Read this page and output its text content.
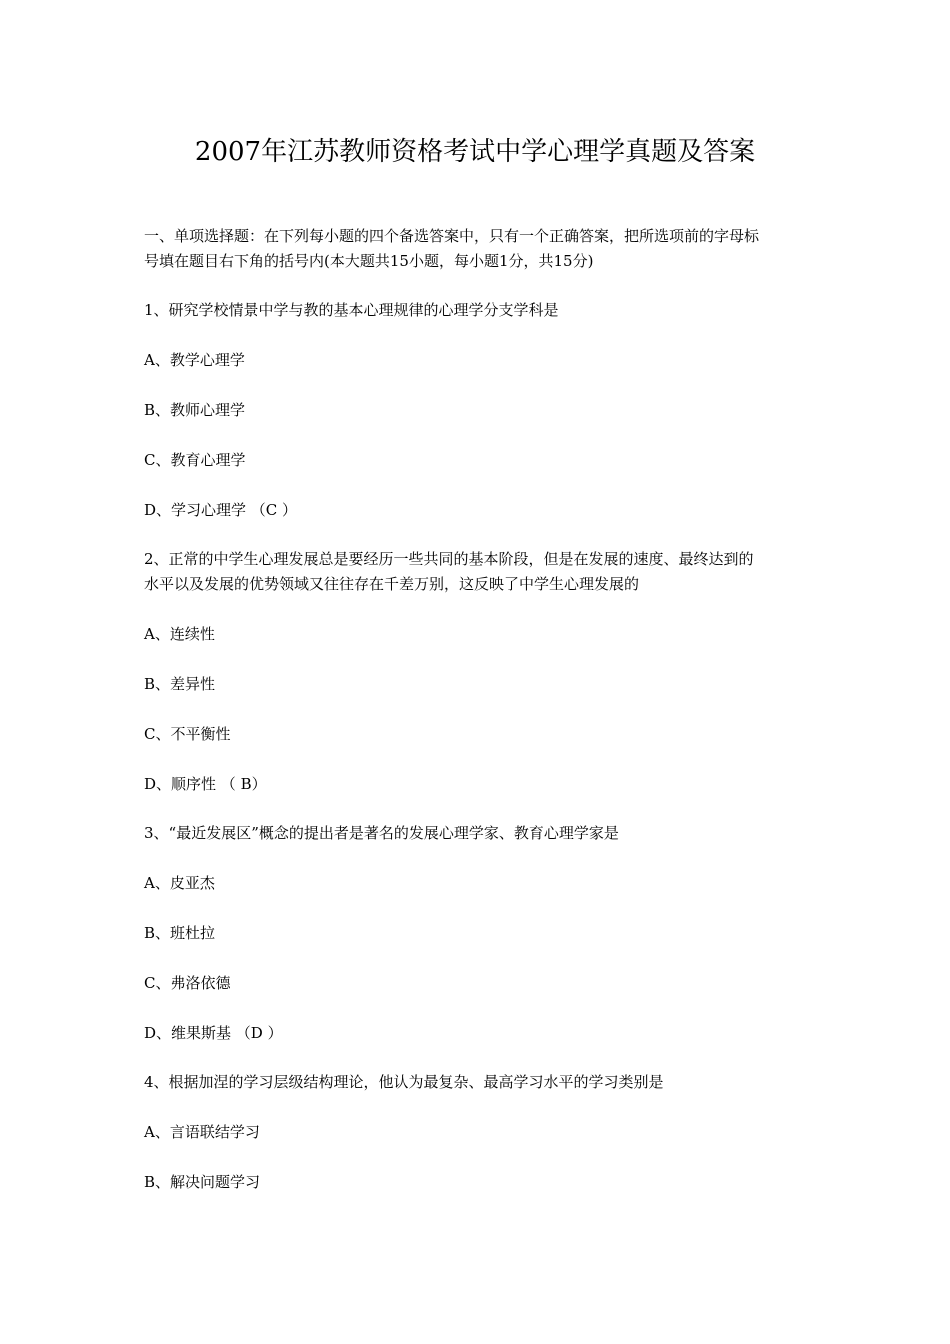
2007年江苏教师资格考试中学心理学真题及答案
一、单项选择题：在下列每小题的四个备选答案中，只有一个正确答案，把所选项前的字母标
号填在题目右下角的括号内(本大题共15小题，每小题1分，共15分)
1、研究学校情景中学与教的基本心理规律的心理学分支学科是
A、教学心理学
B、教师心理学
C、教育心理学
D、学习心理学 （C ）
2、正常的中学生心理发展总是要经历一些共同的基本阶段，但是在发展的速度、最终达到的
水平以及发展的优势领域又往往存在千差万别，这反映了中学生心理发展的
A、连续性
B、差异性
C、不平衡性
D、顺序性 （ B）
3、“最近发展区”概念的提出者是著名的发展心理学家、教育心理学家是
A、皮亚杰
B、班杜拉
C、弗洛依德
D、维果斯基 （D ）
4、根据加涅的学习层级结构理论，他认为最复杂、最高学习水平的学习类别是
A、言语联结学习
B、解决问题学习
